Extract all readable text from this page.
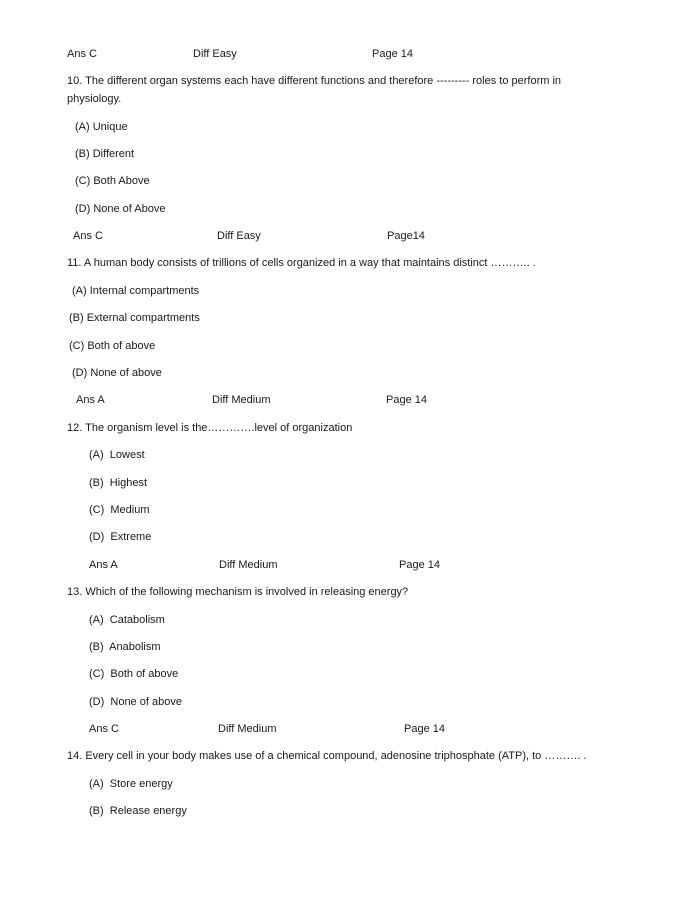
Ans C	Diff Easy	Page 14
10. The different organ systems each have different functions and therefore --------- roles to perform in
physiology.
(A) Unique
(B) Different
(C) Both Above
(D) None of Above
Ans C	Diff Easy	Page14
11. A human body consists of trillions of cells organized in a way that maintains distinct ……….. .
(A) Internal compartments
(B) External compartments
(C) Both of above
(D) None of above
Ans A	Diff Medium	Page 14
12. The organism level is the………….level of organization
(A)  Lowest
(B)  Highest
(C)  Medium
(D)  Extreme
Ans A	Diff Medium	Page 14
13. Which of the following mechanism is involved in releasing energy?
(A)  Catabolism
(B)  Anabolism
(C)  Both of above
(D)  None of above
Ans C	Diff Medium	Page 14
14. Every cell in your body makes use of a chemical compound, adenosine triphosphate (ATP), to ………. .
(A)  Store energy
(B)  Release energy
